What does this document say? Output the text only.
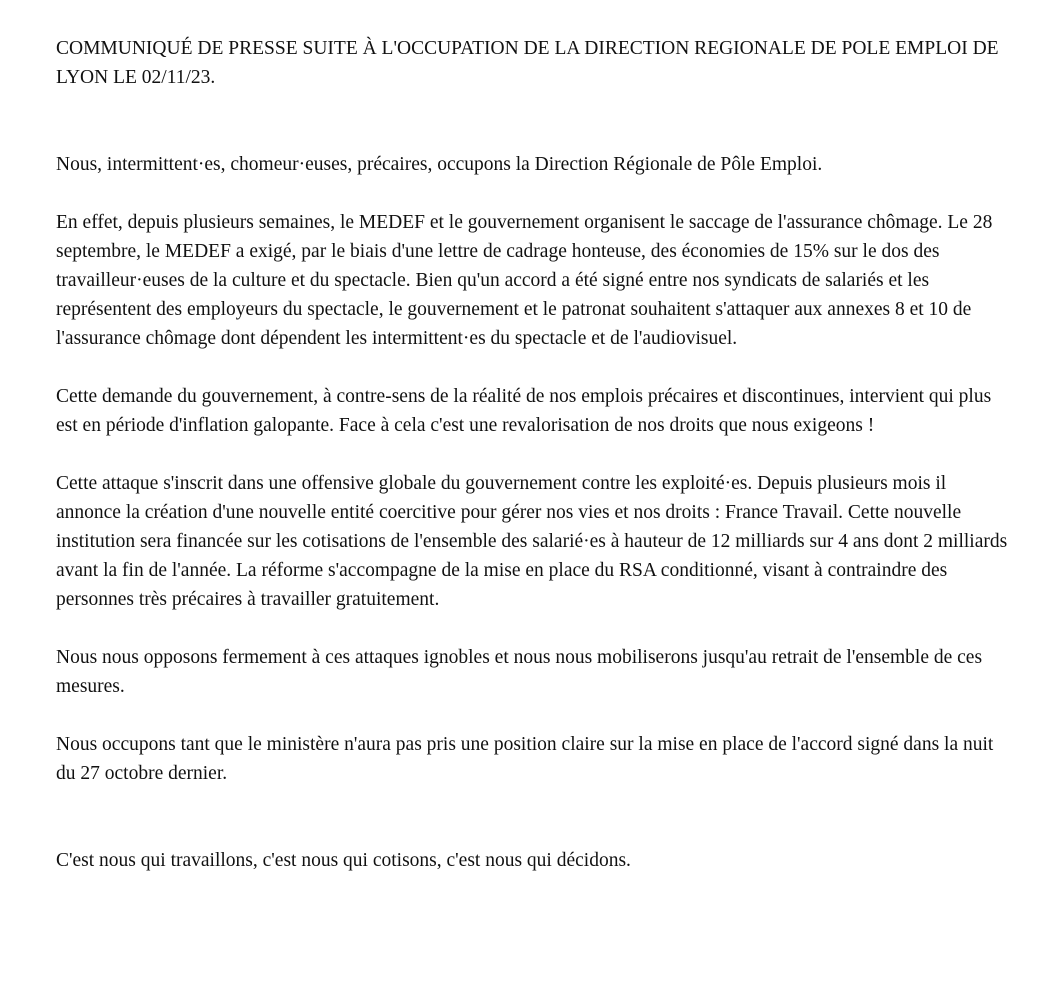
COMMUNIQUÉ DE PRESSE SUITE À L'OCCUPATION DE LA DIRECTION REGIONALE DE POLE EMPLOI DE LYON LE 02/11/23.

Nous, intermittent·es, chomeur·euses, précaires, occupons la Direction Régionale de Pôle Emploi.

En effet, depuis plusieurs semaines, le MEDEF et le gouvernement organisent le saccage de l'assurance chômage. Le 28 septembre, le MEDEF a exigé, par le biais d'une lettre de cadrage honteuse, des économies de 15% sur le dos des travailleur·euses de la culture et du spectacle. Bien qu'un accord a été signé entre nos syndicats de salariés et les représentent des employeurs du spectacle, le gouvernement et le patronat souhaitent s'attaquer aux annexes 8 et 10 de l'assurance chômage dont dépendent les intermittent·es du spectacle et de l'audiovisuel.

Cette demande du gouvernement, à contre-sens de la réalité de nos emplois précaires et discontinues, intervient qui plus est en période d'inflation galopante. Face à cela c'est une revalorisation de nos droits que nous exigeons !

Cette attaque s'inscrit dans une offensive globale du gouvernement contre les exploité·es. Depuis plusieurs mois il annonce la création d'une nouvelle entité coercitive pour gérer nos vies et nos droits : France Travail. Cette nouvelle institution sera financée sur les cotisations de l'ensemble des salarié·es à hauteur de 12 milliards sur 4 ans dont 2 milliards avant la fin de l'année. La réforme s'accompagne de la mise en place du RSA conditionné, visant à contraindre des personnes très précaires à travailler gratuitement.

Nous nous opposons fermement à ces attaques ignobles et nous nous mobiliserons jusqu'au retrait de l'ensemble de ces mesures.

Nous occupons tant que le ministère n'aura pas pris une position claire sur la mise en place de l'accord signé dans la nuit du 27 octobre dernier.

C'est nous qui travaillons, c'est nous qui cotisons, c'est nous qui décidons.
